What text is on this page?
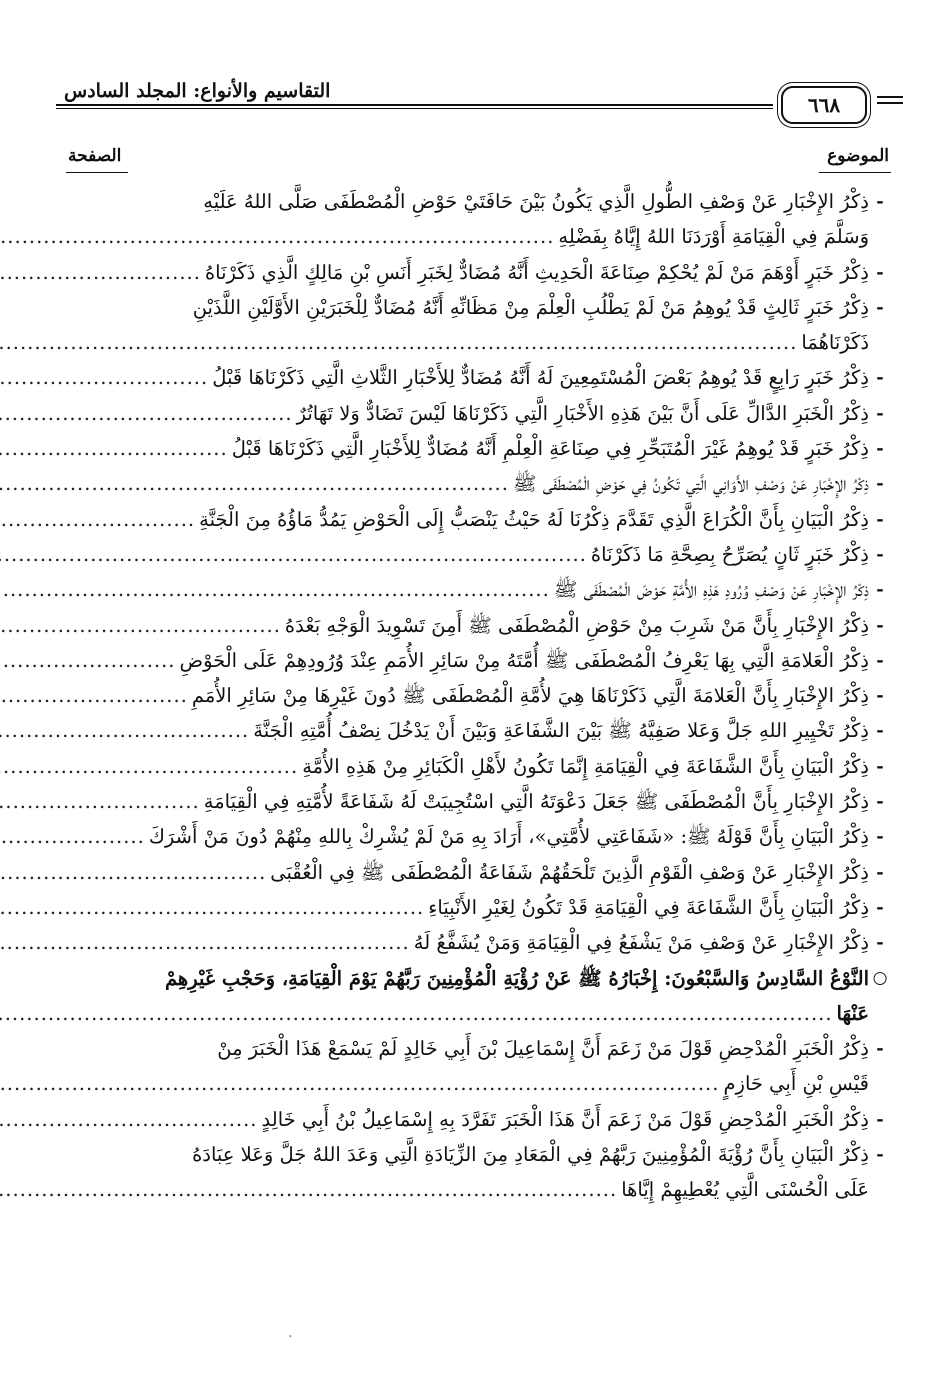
التقاسيم والأنواع: المجلد السادس
٦٦٨
الموضوع
الصفحة
-
ذِكْرُ الإِخْبَارِ عَنْ وَصْفِ الطُّولِ الَّذِي يَكُونُ بَيْنَ حَافَتَيْ حَوْضِ الْمُصْطَفَى صَلَّى اللهُ عَلَيْهِ
وَسَلَّمَ فِي الْقِيَامَةِ أَوْرَدَنَا اللهُ إِيَّاهُ بِفَضْلِهِ
.....
-
ذِكْرُ خَبَرٍ أَوْهَمَ مَنْ لَمْ يُحْكِمْ صِنَاعَةَ الْحَدِيثِ أَنَّهُ مُضَادٌّ لِخَبَرِ أَنَسِ بْنِ مَالِكٍ الَّذِي ذَكَرْنَاهُ
.....
-
ذِكْرُ خَبَرٍ ثَالِثٍ قَدْ يُوهِمُ مَنْ لَمْ يَطْلُبِ الْعِلْمَ مِنْ مَظَانِّهِ أَنَّهُ مُضَادٌّ لِلْخَبَرَيْنِ الأَوَّلَيْنِ اللَّذَيْنِ
ذَكَرْنَاهُمَا
.....
-
ذِكْرُ خَبَرٍ رَابِعٍ قَدْ يُوهِمُ بَعْضَ الْمُسْتَمِعِينَ لَهُ أَنَّهُ مُضَادٌّ لِلأَخْبَارِ الثَّلاثِ الَّتِي ذَكَرْنَاهَا قَبْلُ
.....
-
ذِكْرُ الْخَبَرِ الدَّالِّ عَلَى أَنَّ بَيْنَ هَذِهِ الأَخْبَارِ الَّتِي ذَكَرْنَاهَا لَيْسَ تَضَادٌّ وَلا تَهَاتُرٌ
.....
-
ذِكْرُ خَبَرٍ قَدْ يُوهِمُ غَيْرَ الْمُتَبَحِّرِ فِي صِنَاعَةِ الْعِلْمِ أَنَّهُ مُضَادٌّ لِلأَخْبَارِ الَّتِي ذَكَرْنَاهَا قَبْلُ
.....
-
ذِكْرُ الإِخْبَارِ عَنْ وَصْفِ الأَوَانِي الَّتِي تَكُونُ فِي حَوْضِ الْمُصْطَفَى ﷺ
.....
-
ذِكْرُ الْبَيَانِ بِأَنَّ الْكُرَاعَ الَّذِي تَقَدَّمَ ذِكْرُنَا لَهُ حَيْثُ يَنْصَبُّ إِلَى الْحَوْضِ يَمُدُّ مَاؤُهُ مِنَ الْجَنَّةِ
.....
-
ذِكْرُ خَبَرٍ ثَانٍ يُصَرِّحُ بِصِحَّةِ مَا ذَكَرْنَاهُ
.....
-
ذِكْرُ الإِخْبَارِ عَنْ وَصْفِ وُرُودِ هَذِهِ الأُمَّةِ حَوْضَ الْمُصْطَفَى ﷺ
.....
-
ذِكْرُ الإِخْبَارِ بِأَنَّ مَنْ شَرِبَ مِنْ حَوْضِ الْمُصْطَفَى ﷺ أَمِنَ تَسْوِيدَ الْوَجْهِ بَعْدَهُ
.....
-
ذِكْرُ الْعَلامَةِ الَّتِي بِهَا يَعْرِفُ الْمُصْطَفَى ﷺ أُمَّتَهُ مِنْ سَائِرِ الأُمَمِ عِنْدَ وُرُودِهِمْ عَلَى الْحَوْضِ
.....
-
ذِكْرُ الإِخْبَارِ بِأَنَّ الْعَلامَةَ الَّتِي ذَكَرْنَاهَا هِيَ لأُمَّةِ الْمُصْطَفَى ﷺ دُونَ غَيْرِهَا مِنْ سَائِرِ الأُمَمِ
.....
-
ذِكْرُ تَخْيِيرِ اللهِ جَلَّ وَعَلا صَفِيَّهُ ﷺ بَيْنَ الشَّفَاعَةِ وَبَيْنَ أَنْ يَدْخُلَ نِصْفُ أُمَّتِهِ الْجَنَّةَ
.....
-
ذِكْرُ الْبَيَانِ بِأَنَّ الشَّفَاعَةَ فِي الْقِيَامَةِ إِنَّمَا تَكُونُ لأَهْلِ الْكَبَائِرِ مِنْ هَذِهِ الأُمَّةِ
.....
-
ذِكْرُ الإِخْبَارِ بِأَنَّ الْمُصْطَفَى ﷺ جَعَلَ دَعْوَتَهُ الَّتِي اسْتُجِيبَتْ لَهُ شَفَاعَةً لأُمَّتِهِ فِي الْقِيَامَةِ
.....
-
ذِكْرُ الْبَيَانِ بِأَنَّ قَوْلَهُ ﷺ: «شَفَاعَتِي لأُمَّتِي»، أَرَادَ بِهِ مَنْ لَمْ يُشْرِكْ بِاللهِ مِنْهُمْ دُونَ مَنْ أَشْرَكَ
.....
-
ذِكْرُ الإِخْبَارِ عَنْ وَصْفِ الْقَوْمِ الَّذِينَ تَلْحَقُهُمْ شَفَاعَةُ الْمُصْطَفَى ﷺ فِي الْعُقْبَى
.....
-
ذِكْرُ الْبَيَانِ بِأَنَّ الشَّفَاعَةَ فِي الْقِيَامَةِ قَدْ تَكُونُ لِغَيْرِ الأَنْبِيَاءِ
.....
-
ذِكْرُ الإِخْبَارِ عَنْ وَصْفِ مَنْ يَشْفَعُ فِي الْقِيَامَةِ وَمَنْ يُشَفَّعُ لَهُ
.....
○
النَّوْعُ السَّادِسُ وَالسَّبْعُونَ: إِخْبَارُهُ ﷺ عَنْ رُؤْيَةِ الْمُؤْمِنِينَ رَبَّهُمْ يَوْمَ الْقِيَامَةِ، وَحَجْبِ غَيْرِهِمْ
عَنْهَا
.....
-
ذِكْرُ الْخَبَرِ الْمُدْحِضِ قَوْلَ مَنْ زَعَمَ أَنَّ إِسْمَاعِيلَ بْنَ أَبِي خَالِدٍ لَمْ يَسْمَعْ هَذَا الْخَبَرَ مِنْ
قَيْسِ بْنِ أَبِي حَازِمٍ
.....
-
ذِكْرُ الْخَبَرِ الْمُدْحِضِ قَوْلَ مَنْ زَعَمَ أَنَّ هَذَا الْخَبَرَ تَفَرَّدَ بِهِ إِسْمَاعِيلُ بْنُ أَبِي خَالِدٍ
.....
-
ذِكْرُ الْبَيَانِ بِأَنَّ رُؤْيَةَ الْمُؤْمِنِينَ رَبَّهُمْ فِي الْمَعَادِ مِنَ الزِّيَادَةِ الَّتِي وَعَدَ اللهُ جَلَّ وَعَلا عِبَادَهُ
عَلَى الْحُسْنَى الَّتِي يُعْطِيهِمْ إِيَّاهَا
.....
